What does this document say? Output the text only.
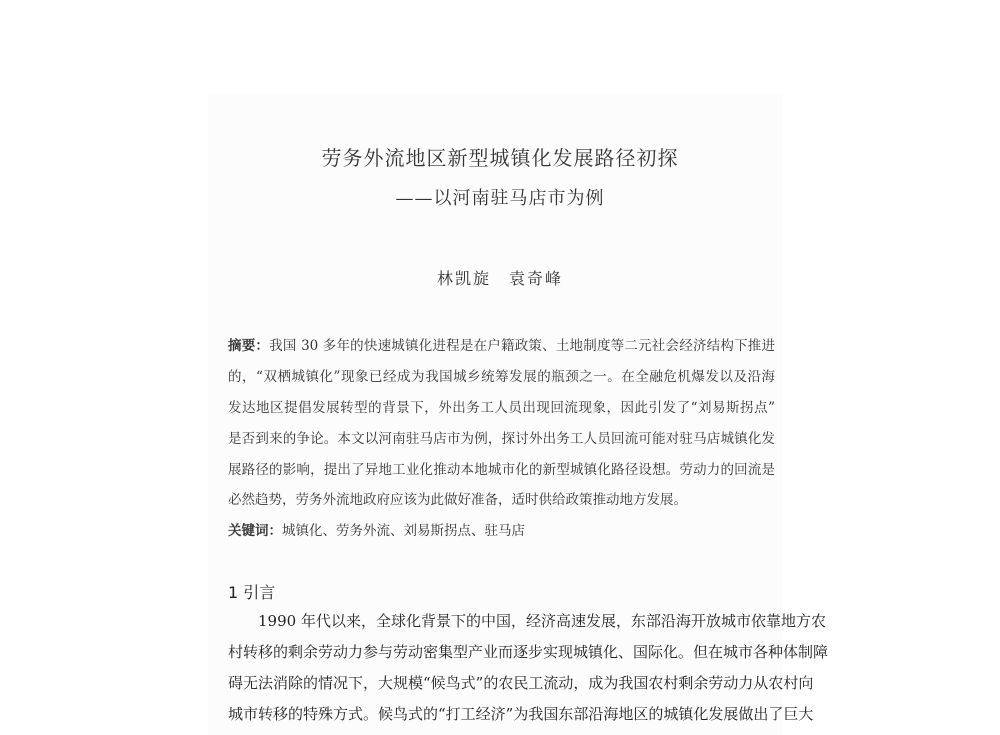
劳务外流地区新型城镇化发展路径初探
——以河南驻马店市为例
林凯旋　袁奇峰
摘要：我国 30 多年的快速城镇化进程是在户籍政策、土地制度等二元社会经济结构下推进
的，“双栖城镇化”现象已经成为我国城乡统筹发展的瓶颈之一。在全融危机爆发以及沿海
发达地区提倡发展转型的背景下，外出务工人员出现回流现象，因此引发了“刘易斯拐点”
是否到来的争论。本文以河南驻马店市为例，探讨外出务工人员回流可能对驻马店城镇化发
展路径的影响，提出了异地工业化推动本地城市化的新型城镇化路径设想。劳动力的回流是
必然趋势，劳务外流地政府应该为此做好准备，适时供给政策推动地方发展。
关键词：城镇化、劳务外流、刘易斯拐点、驻马店
1 引言
　　1990 年代以来，全球化背景下的中国，经济高速发展，东部沿海开放城市依靠地方农
村转移的剩余劳动力参与劳动密集型产业而逐步实现城镇化、国际化。但在城市各种体制障
碍无法消除的情况下，大规模“候鸟式”的农民工流动，成为我国农村剩余劳动力从农村向
城市转移的特殊方式。候鸟式的“打工经济”为我国东部沿海地区的城镇化发展做出了巨大
